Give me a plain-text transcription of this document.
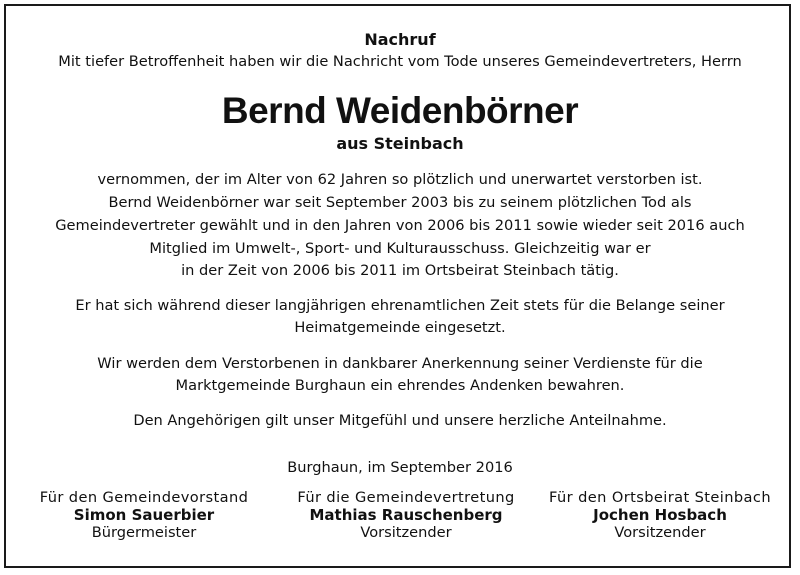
Nachruf
Mit tiefer Betroffenheit haben wir die Nachricht vom Tode unseres Gemeindevertreters, Herrn
Bernd Weidenbörner
aus Steinbach
vernommen, der im Alter von 62 Jahren so plötzlich und unerwartet verstorben ist.
Bernd Weidenbörner war seit September 2003 bis zu seinem plötzlichen Tod als
Gemeindevertreter gewählt und in den Jahren von 2006 bis 2011 sowie wieder seit 2016 auch
Mitglied im Umwelt-, Sport- und Kulturausschuss. Gleichzeitig war er
in der Zeit von 2006 bis 2011 im Ortsbeirat Steinbach tätig.
Er hat sich während dieser langjährigen ehrenamtlichen Zeit stets für die Belange seiner
Heimatgemeinde eingesetzt.
Wir werden dem Verstorbenen in dankbarer Anerkennung seiner Verdienste für die
Marktgemeinde Burghaun ein ehrendes Andenken bewahren.
Den Angehörigen gilt unser Mitgefühl und unsere herzliche Anteilnahme.
Burghaun, im September 2016
Für den Gemeindevorstand
Simon Sauerbier
Bürgermeister
Für die Gemeindevertretung
Mathias Rauschenberg
Vorsitzender
Für den Ortsbeirat Steinbach
Jochen Hosbach
Vorsitzender
